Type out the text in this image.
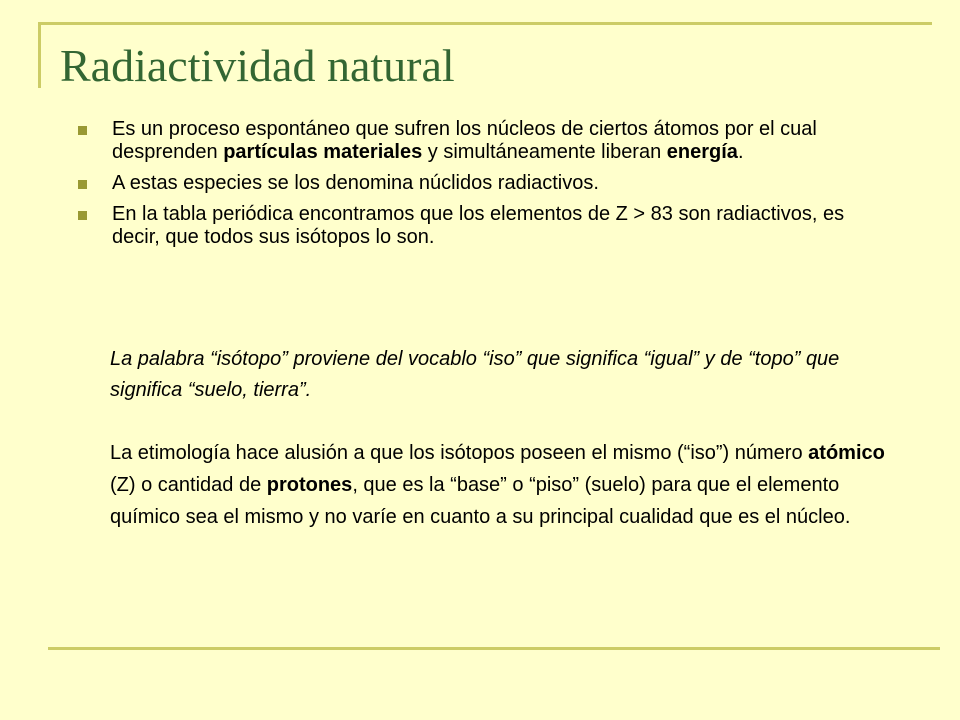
Radiactividad natural
Es un proceso espontáneo que sufren los núcleos de ciertos átomos por el cual desprenden partículas materiales y simultáneamente liberan energía.
A estas especies se los denomina núclidos radiactivos.
En la tabla periódica encontramos que los elementos de Z > 83 son radiactivos, es decir, que todos sus isótopos lo son.

La palabra “isótopo” proviene del vocablo “iso” que significa “igual” y de “topo” que significa “suelo, tierra”.

La etimología hace alusión a que los isótopos poseen el mismo (“iso”) número atómico (Z) o cantidad de protones, que es la “base” o “piso” (suelo) para que el elemento químico sea el mismo y no varíe en cuanto a su principal cualidad que es el núcleo.
